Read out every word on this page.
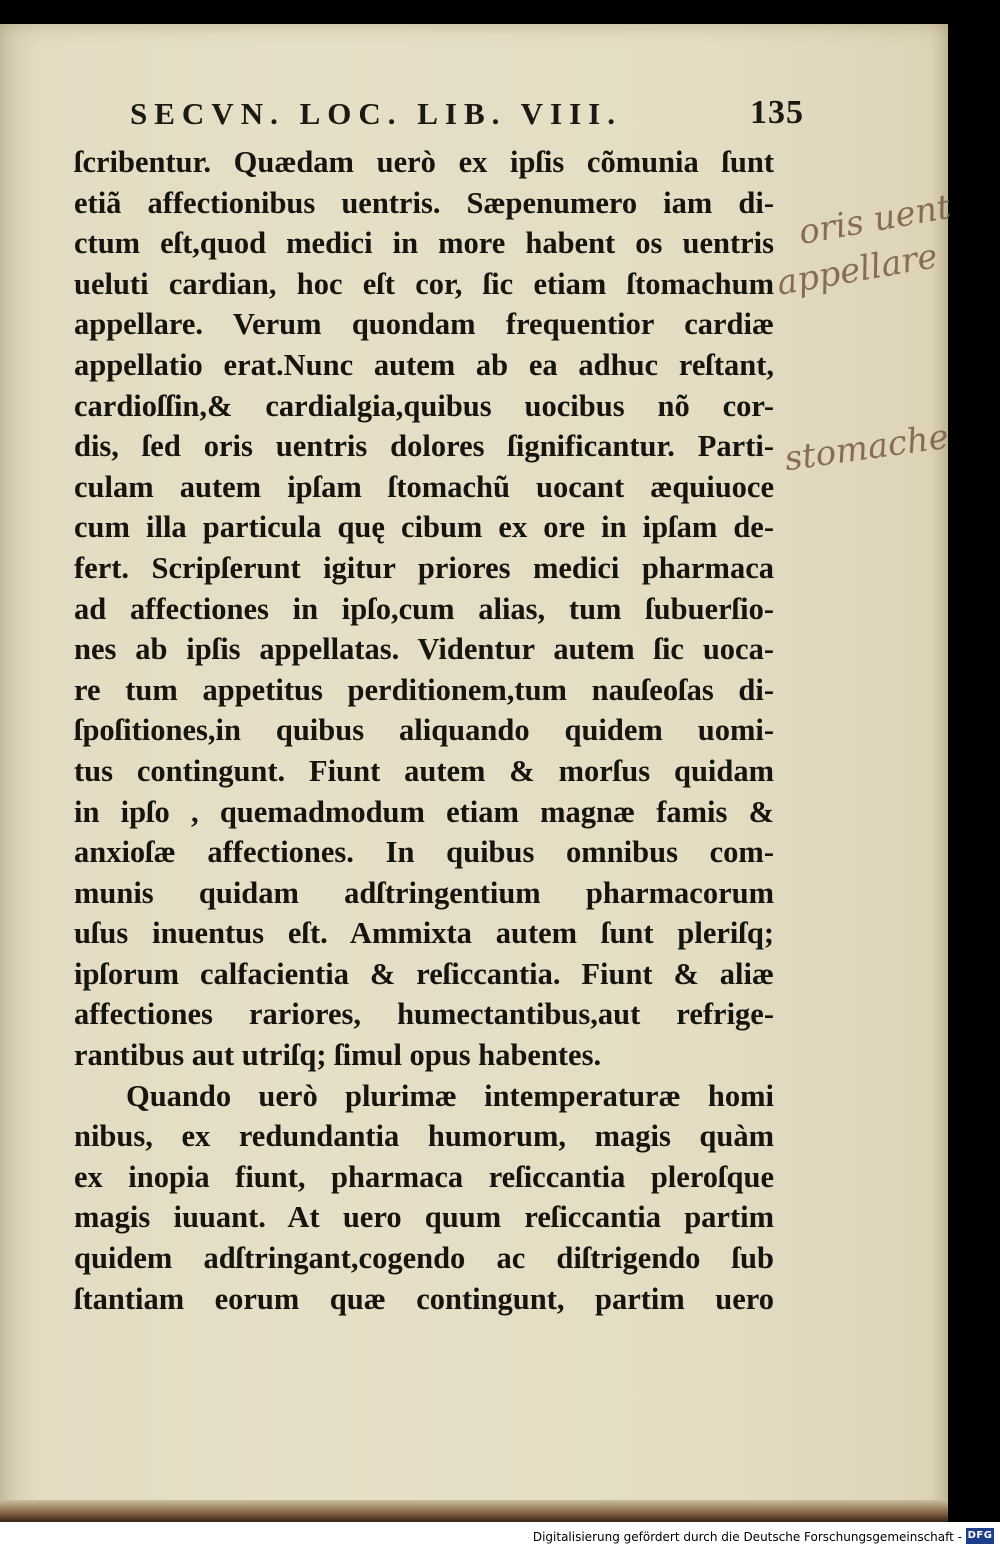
SECVN. LOC. LIB. VIII.	135
ſcribentur. Quædam uerò ex ipſis cõmunia ſunt
etiã affectionibus uentris. Sæpenumero iam di-
ctum eſt,quod medici in more habent os uentris
ueluti cardian, hoc eſt cor, ſic etiam ſtomachum
appellare. Verum quondam frequentior cardiæ
appellatio erat.Nunc autem ab ea adhuc reſtant,
cardioſſin,& cardialgia,quibus uocibus nõ cor-
dis, ſed oris uentris dolores ſignificantur. Parti-
culam autem ipſam ſtomachũ uocant æquiuoce
cum illa particula quę cibum ex ore in ipſam de-
fert. Scripſerunt igitur priores medici pharmaca
ad affectiones in ipſo,cum alias, tum ſubuerſio-
nes ab ipſis appellatas. Videntur autem ſic uoca-
re tum appetitus perditionem,tum nauſeoſas di-
ſpoſitiones,in quibus aliquando quidem uomi-
tus contingunt. Fiunt autem & morſus quidam
in ipſo , quemadmodum etiam magnæ famis &
anxioſæ affectiones. In quibus omnibus com-
munis quidam adſtringentium pharmacorum
uſus inuentus eſt. Ammixta autem ſunt pleriſq;
ipſorum calfacientia & reſiccantia. Fiunt & aliæ
affectiones rariores, humectantibus,aut refrige-
rantibus aut utriſq; ſimul opus habentes.
Quando uerò plurimæ intemperaturæ homi
nibus, ex redundantia humorum, magis quàm
ex inopia fiunt, pharmaca reſiccantia pleroſque
magis iuuant. At uero quum reſiccantia partim
quidem adſtringant,cogendo ac diſtrigendo ſub
ſtantiam eorum quæ contingunt, partim uero
oris uent
appellare
stomache
Digitalisierung gefördert durch die Deutsche Forschungsgemeinschaft - DFG
